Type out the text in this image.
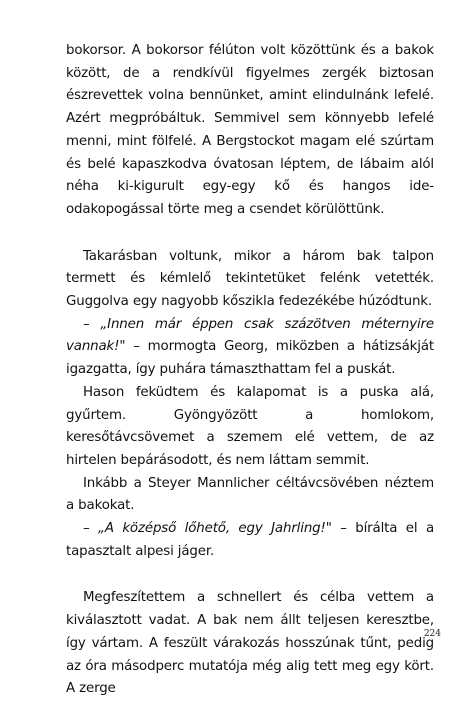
bokorsor. A bokorsor félúton volt közöttünk és a bakok között, de a rendkívül figyelmes zergék biztosan észrevettek volna bennünket, amint elindulnánk lefelé. Azért megpróbáltuk. Semmivel sem könnyebb lefelé menni, mint fölfelé. A Bergstockot magam elé szúrtam és belé kapaszkodva óvatosan léptem, de lábaim alól néha ki-kigurult egy-egy kő és hangos ide-odakopogással törte meg a csendet körülöttünk.

Takarásban voltunk, mikor a három bak talpon termett és kémlelő tekintetüket felénk vetették. Guggolva egy nagyobb kőszikla fedezékébe húzódtunk.

– „Innen már éppen csak százötven méternyire vannak!" – mormogta Georg, miközben a hátizsákját igazgatta, így puhára támaszthattam fel a puskát.

Hason feküdtem és kalapomat is a puska alá, gyűrtem. Gyöngyözött a homlokom, keresőtávcsövemet a szemem elé vettem, de az hirtelen bepárásodott, és nem láttam semmit.

Inkább a Steyer Mannlicher céltávcsövében néztem a bakokat.

– „A középső lőhető, egy Jahrling!" – bírálta el a tapasztalt alpesi jáger.

Megfeszítettem a schnellert és célba vettem a kiválasztott vadat. A bak nem állt teljesen keresztbe, így vártam. A feszült várakozás hosszúnak tűnt, pedig az óra másodperc mutatója még alig tett meg egy kört. A zerge

224
